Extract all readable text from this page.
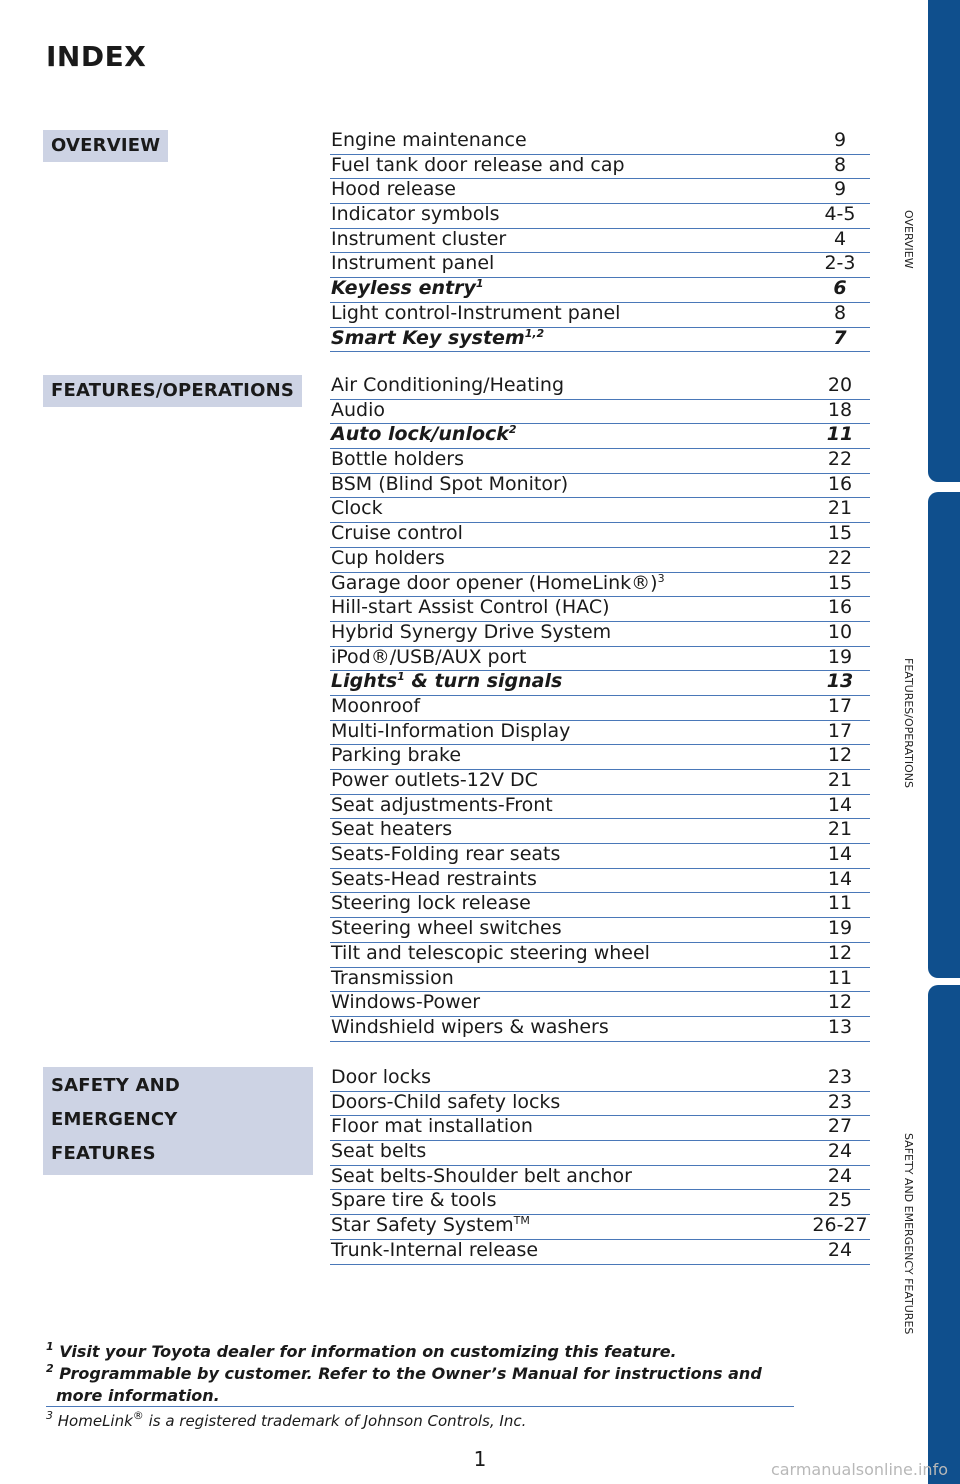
INDEX
OVERVIEW	Engine maintenance	9
Fuel tank door release and cap	8
Hood release	9
Indicator symbols	4-5
Instrument cluster	4
Instrument panel	2-3
Keyless entry$^1$	6
Light control-Instrument panel	8
Smart Key system$^{1,2}$	7
FEATURES/OPERATIONS	Air Conditioning/Heating	20
Audio	18
Auto lock/unlock$^2$	11
Bottle holders	22
BSM (Blind Spot Monitor)	16
Clock	21
Cruise control	15
Cup holders	22
Garage door opener (HomeLink®)$^3$	15
Hill-start Assist Control (HAC)	16
Hybrid Synergy Drive System	10
iPod®/USB/AUX port	19
Lights$^1$ & turn signals	13
Moonroof	17
Multi-Information Display	17
Parking brake	12
Power outlets-12V DC	21
Seat adjustments-Front	14
Seat heaters	21
Seats-Folding rear seats	14
Seats-Head restraints	14
Steering lock release	11
Steering wheel switches	19
Tilt and telescopic steering wheel	12
Transmission	11
Windows-Power	12
Windshield wipers & washers	13
SAFETY AND EMERGENCY
FEATURES
Door locks	23
Doors-Child safety locks	23
Floor mat installation	27
Seat belts	24
Seat belts-Shoulder belt anchor	24
Spare tire & tools	25
Star Safety System™	26-27
Trunk-Internal release	24
OVERVIEW
FEATURES/OPERATIONS
SAFETY AND EMERGENCY FEATURES
$^1$ Visit your Toyota dealer for information on customizing this feature.
$^2$ Programmable by customer. Refer to the Owner’s Manual for instructions and
more information.
$^3$ HomeLink® is a registered trademark of Johnson Controls, Inc.
1	carmanualsonline.info
